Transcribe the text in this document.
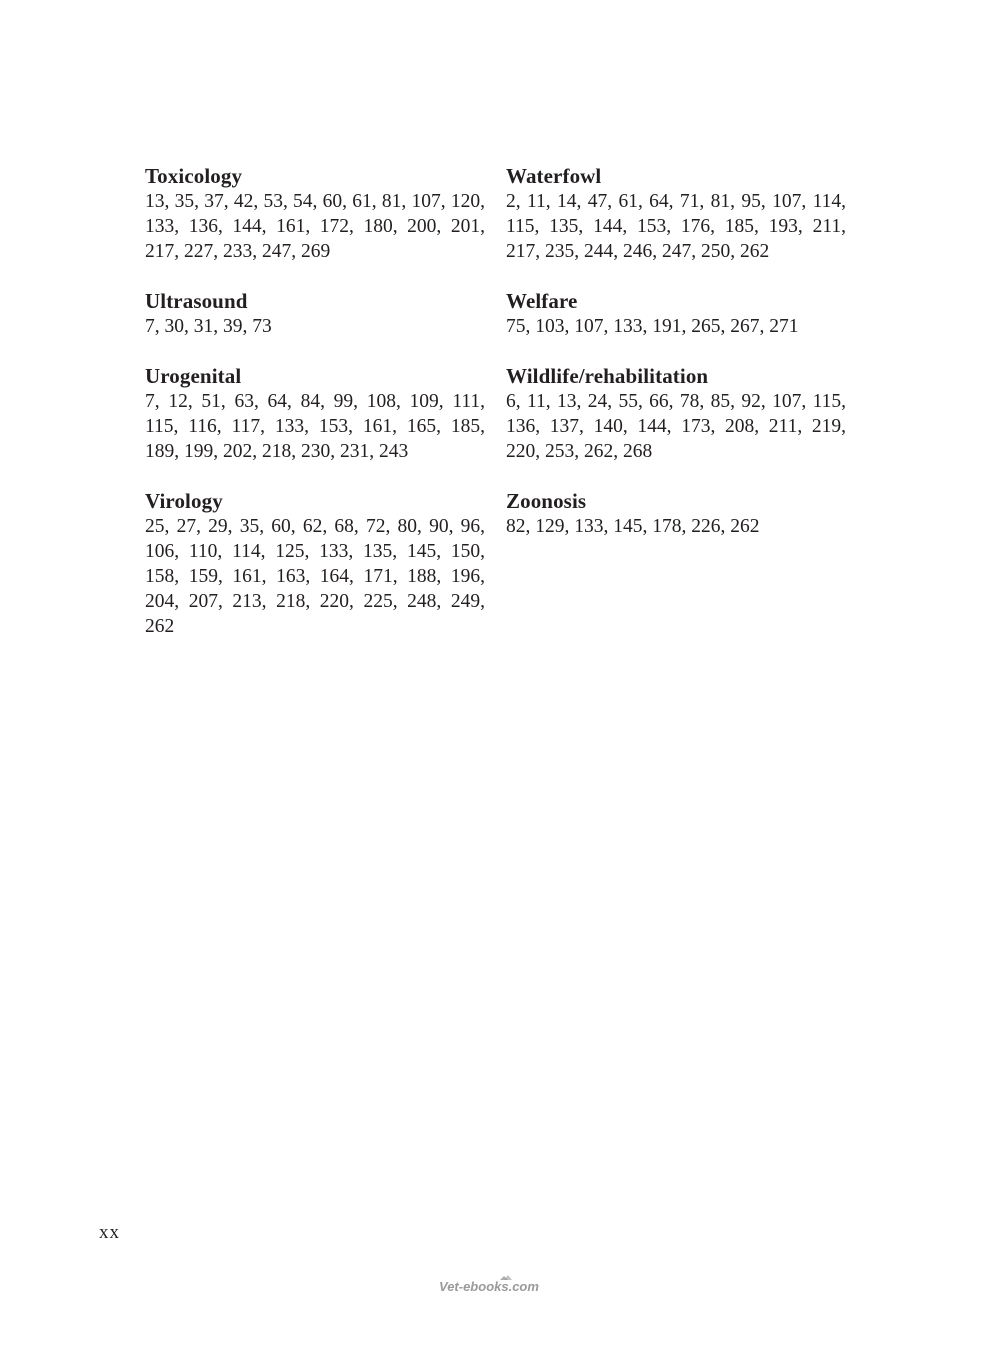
Toxicology

13, 35, 37, 42, 53, 54, 60, 61, 81, 107, 120, 133, 136, 144, 161, 172, 180, 200, 201, 217, 227, 233, 247, 269

Ultrasound

7, 30, 31, 39, 73

Urogenital

7, 12, 51, 63, 64, 84, 99, 108, 109, 111, 115, 116, 117, 133, 153, 161, 165, 185, 189, 199, 202, 218, 230, 231, 243

Virology

25, 27, 29, 35, 60, 62, 68, 72, 80, 90, 96, 106, 110, 114, 125, 133, 135, 145, 150, 158, 159, 161, 163, 164, 171, 188, 196, 204, 207, 213, 218, 220, 225, 248, 249, 262

Waterfowl

2, 11, 14, 47, 61, 64, 71, 81, 95, 107, 114, 115, 135, 144, 153, 176, 185, 193, 211, 217, 235, 244, 246, 247, 250, 262

Welfare

75, 103, 107, 133, 191, 265, 267, 271

Wildlife/rehabilitation

6, 11, 13, 24, 55, 66, 78, 85, 92, 107, 115, 136, 137, 140, 144, 173, 208, 211, 219, 220, 253, 262, 268

Zoonosis

82, 129, 133, 145, 178, 226, 262

xx
Vet-ebooks.com
